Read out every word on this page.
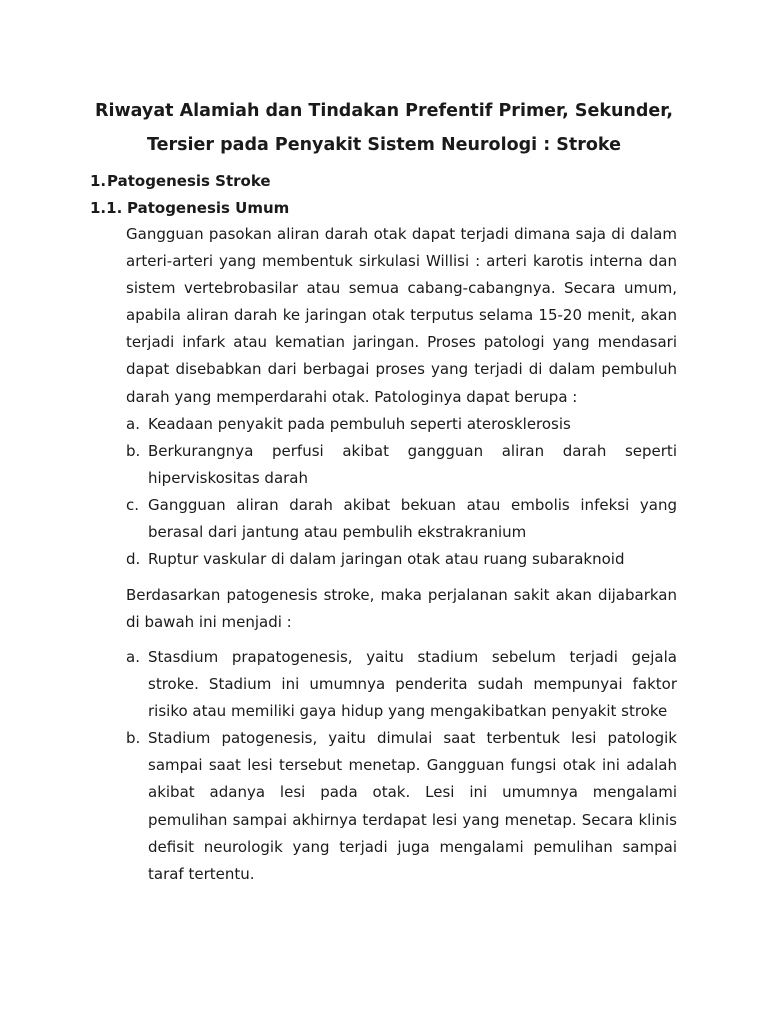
Riwayat Alamiah dan Tindakan Prefentif Primer, Sekunder,
Tersier pada Penyakit Sistem Neurologi : Stroke
1.Patogenesis Stroke
1.1. Patogenesis Umum

Gangguan pasokan aliran darah otak dapat terjadi dimana saja di dalam arteri-arteri yang membentuk sirkulasi Willisi : arteri karotis interna dan sistem vertebrobasilar atau semua cabang-cabangnya. Secara umum, apabila aliran darah ke jaringan otak terputus selama 15-20 menit, akan terjadi infark atau kematian jaringan. Proses patologi yang mendasari dapat disebabkan dari berbagai proses yang terjadi di dalam pembuluh darah yang memperdarahi otak. Patologinya dapat berupa :

a. Keadaan penyakit pada pembuluh seperti aterosklerosis
b. Berkurangnya perfusi akibat gangguan aliran darah seperti hiperviskositas darah
c. Gangguan aliran darah akibat bekuan atau embolis infeksi yang berasal dari jantung atau pembulih ekstrakranium
d. Ruptur vaskular di dalam jaringan otak atau ruang subaraknoid

Berdasarkan patogenesis stroke, maka perjalanan sakit akan dijabarkan di bawah ini menjadi :

a. Stasdium prapatogenesis, yaitu stadium sebelum terjadi gejala stroke. Stadium ini umumnya penderita sudah mempunyai faktor risiko atau memiliki gaya hidup yang mengakibatkan penyakit stroke
b. Stadium patogenesis, yaitu dimulai saat terbentuk lesi patologik sampai saat lesi tersebut menetap. Gangguan fungsi otak ini adalah akibat adanya lesi pada otak. Lesi ini umumnya mengalami pemulihan sampai akhirnya terdapat lesi yang menetap. Secara klinis defisit neurologik yang terjadi juga mengalami pemulihan sampai taraf tertentu.
